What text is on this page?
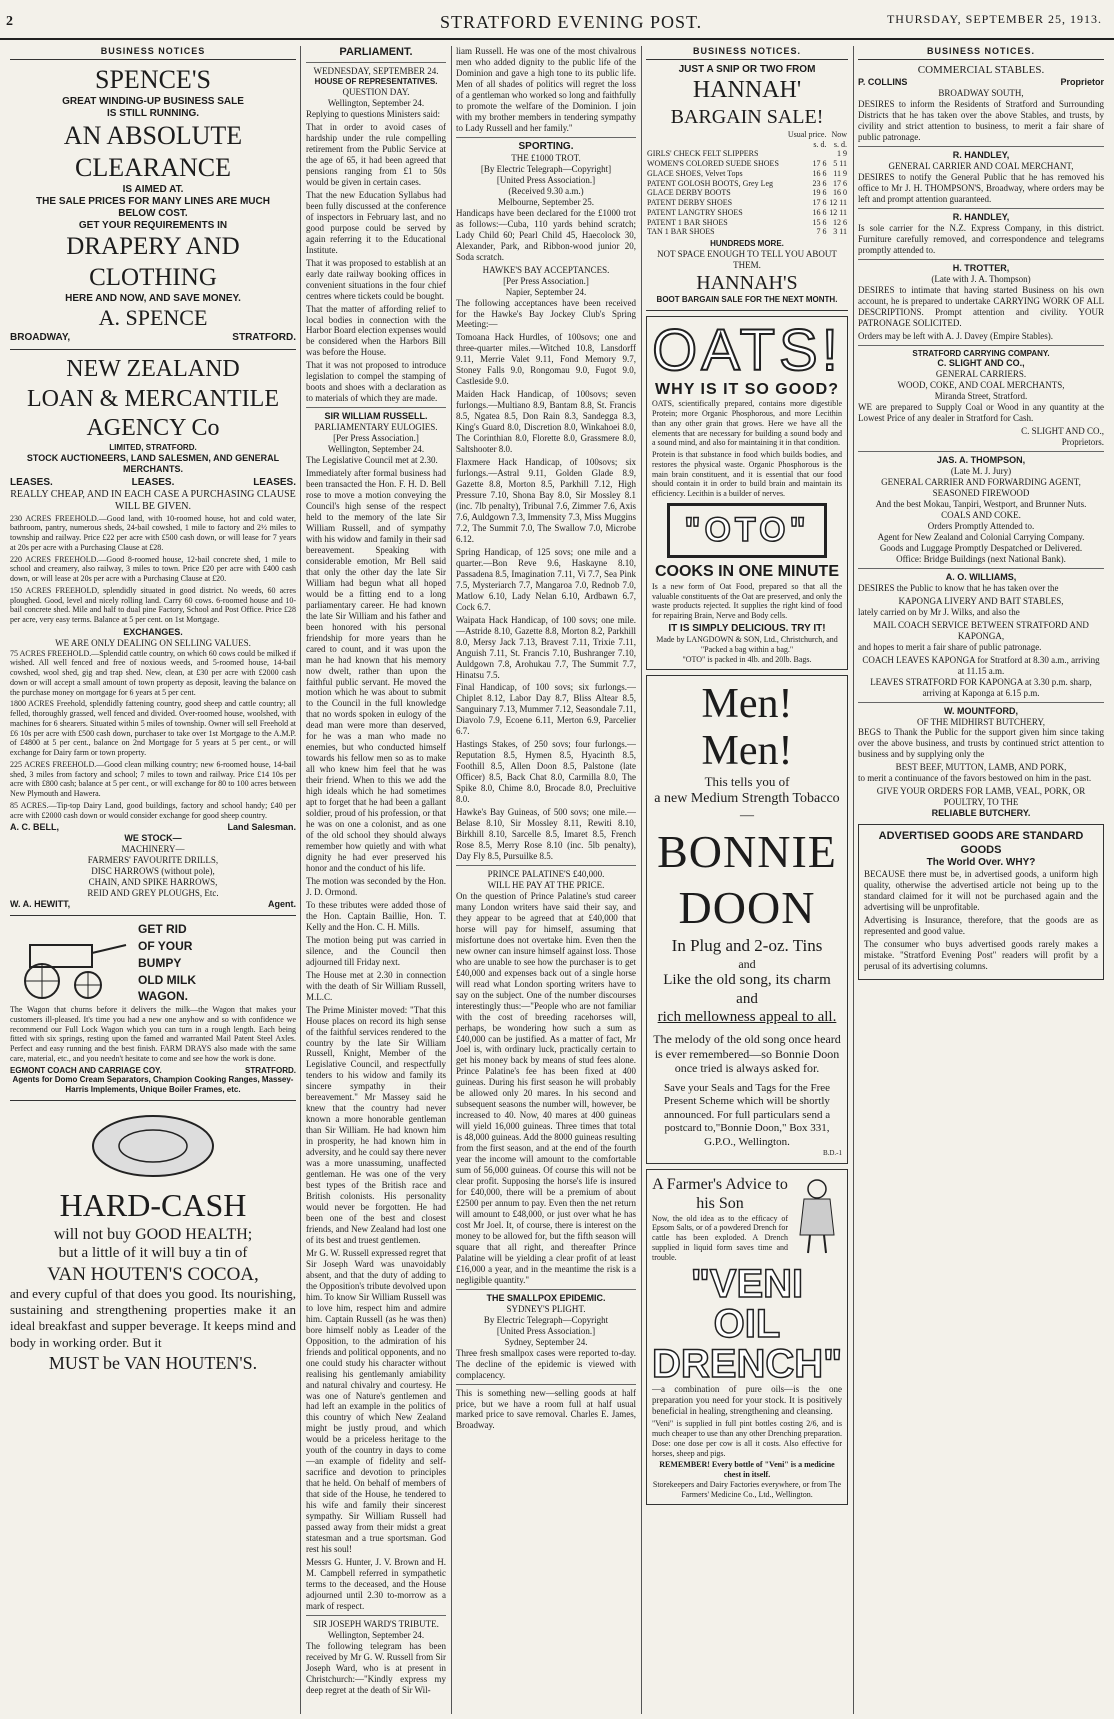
2	STRATFORD EVENING POST.	THURSDAY, SEPTEMBER 25, 1913.
BUSINESS NOTICES
SPENCE'S
GREAT WINDING-UP BUSINESS SALE
IS STILL RUNNING.
AN ABSOLUTE CLEARANCE
IS AIMED AT.
THE SALE PRICES FOR MANY LINES ARE MUCH
BELOW COST.
GET YOUR REQUIREMENTS IN
DRAPERY AND CLOTHING
HERE AND NOW, AND SAVE MONEY.
A. SPENCE
BROADWAY,	STRATFORD.
NEW ZEALAND
LOAN & MERCANTILE
AGENCY Co
LIMITED, STRATFORD.
STOCK AUCTIONEERS, LAND SALESMEN, AND GENERAL MERCHANTS.
LEASES.	LEASES.	LEASES.
REALLY CHEAP, AND IN EACH CASE A PURCHASING CLAUSE WILL BE GIVEN.
230 ACRES FREEHOLD.—Good land, with 10-roomed house, hot and cold water, bathroom, pantry, numerous sheds, 24-bail cowshed, 1 mile to factory and 2½ miles to township and railway. Price £22 per acre with £500 cash down, or will lease for 7 years at 20s per acre with a Purchasing Clause at £28.
220 ACRES FREEHOLD.—Good 8-roomed house, 12-bail concrete shed, 1 mile to school and creamery, also railway, 3 miles to town. Price £20 per acre with £400 cash down, or will lease at 20s per acre with a Purchasing Clause at £20.
150 ACRES FREEHOLD, splendidly situated in good district. No weeds, 60 acres ploughed. Good, level and nicely rolling land. Carry 60 cows. 6-roomed house and 10-bail concrete shed. Mile and half to dual pine Factory, School and Post Office. Price £28 per acre, very easy terms. Balance at 5 per cent. on 1st Mortgage.
EXCHANGES.
WE ARE ONLY DEALING ON SELLING VALUES.
75 ACRES FREEHOLD.—Splendid cattle country, on which 60 cows could be milked if wished. All well fenced and free of noxious weeds, and 5-roomed house, 14-bail cowshed, wool shed, gig and trap shed. New, clean, at £30 per acre with £2000 cash down or will accept a small amount of town property as deposit, leaving the balance on the purchase money on mortgage for 6 years at 5 per cent.
1800 ACRES Freehold, splendidly fattening country, good sheep and cattle country; all felled, thoroughly grassed, well fenced and divided. Over-roomed house, woolshed, with machines for 6 shearers. Situated within 5 miles of township. Owner will sell Freehold at £6 10s per acre with £500 cash down, purchaser to take over 1st Mortgage to the A.M.P. of £4800 at 5 per cent., balance on 2nd Mortgage for 5 years at 5 per cent., or will exchange for Dairy farm or town property.
225 ACRES FREEHOLD.—Good clean milking country; new 6-roomed house, 14-bail shed, 3 miles from factory and school; 7 miles to town and railway. Price £14 10s per acre with £800 cash; balance at 5 per cent., or will exchange for 80 to 100 acres between New Plymouth and Hawera.
85 ACRES.—Tip-top Dairy Land, good buildings, factory and school handy; £40 per acre with £2000 cash down or would consider exchange for good sheep country.
A. C. BELL,	Land Salesman.
WE STOCK—
MACHINERY—
FARMERS' FAVOURITE DRILLS,
DISC HARROWS (without pole),
CHAIN, AND SPIKE HARROWS,
REID AND GREY PLOUGHS, Etc.
W. A. HEWITT,	Agent.
GET RID
OF YOUR
BUMPY
OLD MILK
WAGON.
The Wagon that churns before it delivers the milk—the Wagon that makes your customers ill-pleased. It's time you had a new one anyhow and so with confidence we recommend our Full Lock Wagon which you can turn in a rough length. Each being fitted with six springs, resting upon the famed and warranted Mail Patent Steel Axles. Perfect and easy running and the best finish. FARM DRAYS also made with the same care, material, etc., and you needn't hesitate to come and see how the work is done.
EGMONT COACH AND CARRIAGE COY.	STRATFORD.
Agents for Domo Cream Separators, Champion Cooking Ranges, Massey-Harris Implements, Unique Boiler Frames, etc.
HARD-CASH
will not buy GOOD HEALTH;
but a little of it will buy a tin of
VAN HOUTEN'S COCOA,
and every cupful of that does you good. Its nourishing, sustaining and strengthening properties make it an ideal breakfast and supper beverage. It keeps mind and body in working order. But it
MUST be VAN HOUTEN'S.
PARLIAMENT.
WEDNESDAY, SEPTEMBER 24.
HOUSE OF REPRESENTATIVES.
QUESTION DAY.
Wellington, September 24.
Replying to questions Ministers said:
That in order to avoid cases of hardship under the rule compelling retirement from the Public Service at the age of 65, it had been agreed that pensions ranging from £1 to 50s would be given in certain cases.
That the new Education Syllabus had been fully discussed at the conference of inspectors in February last, and no good purpose could be served by again referring it to the Educational Institute.
That it was proposed to establish at an early date railway booking offices in convenient situations in the four chief centres where tickets could be bought.
That the matter of affording relief to local bodies in connection with the Harbor Board election expenses would be considered when the Harbors Bill was before the House.
That it was not proposed to introduce legislation to compel the stamping of boots and shoes with a declaration as to materials of which they are made.
SIR WILLIAM RUSSELL.
PARLIAMENTARY EULOGIES.
[Per Press Association.]
Wellington, September 24.
The Legislative Council met at 2.30.
Immediately after formal business had been transacted the Hon. F. H. D. Bell rose to move a motion conveying the Council's high sense of the respect held to the memory of the late Sir William Russell, and of sympathy with his widow and family in their sad bereavement. Speaking with considerable emotion, Mr Bell said that only the other day the late Sir William had begun what all hoped would be a fitting end to a long parliamentary career. He had known the late Sir William and his father and been honored with his personal friendship for more years than he cared to count, and it was upon the man he had known that his memory now dwelt, rather than upon the faithful public servant. He moved the motion which he was about to submit to the Council in the full knowledge that no words spoken in eulogy of the dead man were more than deserved, for he was a man who made no enemies, but who conducted himself towards his fellow men so as to make all who knew him feel that he was their friend. When to this we add the high ideals which he had sometimes apt to forget that he had been a gallant soldier, proud of his profession, or that he was on one a colonist, and as one of the old school they should always remember how quietly and with what dignity he had ever preserved his honor and the conduct of his life.
The motion was seconded by the Hon. J. D. Ormond.
To these tributes were added those of the Hon. Captain Baillie, Hon. T. Kelly and the Hon. C. H. Mills.
The motion being put was carried in silence, and the Council then adjourned till Friday next.
The House met at 2.30 in connection with the death of Sir William Russell, M.L.C.
The Prime Minister moved: "That this House places on record its high sense of the faithful services rendered to the country by the late Sir William Russell, Knight, Member of the Legislative Council, and respectfully tenders to his widow and family its sincere sympathy in their bereavement." Mr Massey said he knew that the country had never known a more honorable gentleman than Sir William. He had known him in prosperity, he had known him in adversity, and he could say there never was a more unassuming, unaffected gentleman. He was one of the very best types of the British race and British colonists. His personality would never be forgotten. He had been one of the best and closest friends, and New Zealand had lost one of its best and truest gentlemen.
Mr G. W. Russell expressed regret that Sir Joseph Ward was unavoidably absent, and that the duty of adding to the Opposition's tribute devolved upon him. To know Sir William Russell was to love him, respect him and admire him. Captain Russell (as he was then) bore himself nobly as Leader of the Opposition, to the admiration of his friends and political opponents, and no one could study his character without realising his gentlemanly amiability and natural chivalry and courtesy. He was one of Nature's gentlemen and had left an example in the politics of this country of which New Zealand might be justly proud, and which would be a priceless heritage to the youth of the country in days to come—an example of fidelity and self-sacrifice and devotion to principles that he held. On behalf of members of that side of the House, he tendered to his wife and family their sincerest sympathy. Sir William Russell had passed away from their midst a great statesman and a true sportsman. God rest his soul!
Messrs G. Hunter, J. V. Brown and H. M. Campbell referred in sympathetic terms to the deceased, and the House adjourned until 2.30 to-morrow as a mark of respect.
SIR JOSEPH WARD'S TRIBUTE.
Wellington, September 24.
The following telegram has been received by Mr G. W. Russell from Sir Joseph Ward, who is at present in Christchurch:—"Kindly express my deep regret at the death of Sir Wil-
liam Russell. He was one of the most chivalrous men who added dignity to the public life of the Dominion and gave a high tone to its public life. Men of all shades of politics will regret the loss of a gentleman who worked so long and faithfully to promote the welfare of the Dominion. I join with my brother members in tendering sympathy to Lady Russell and her family."
SPORTING.
THE £1000 TROT.
[By Electric Telegraph—Copyright]
[United Press Association.]
(Received 9.30 a.m.)
Melbourne, September 25.
Handicaps have been declared for the £1000 trot as follows:—Cuba, 110 yards behind scratch; Lady Child 60; Pearl Child 45, Haecolock 30, Alexander, Park, and Ribbon-wood junior 20, Soda scratch.
HAWKE'S BAY ACCEPTANCES.
[Per Press Association.]
Napier, September 24.
The following acceptances have been received for the Hawke's Bay Jockey Club's Spring Meeting:—
Tomoana Hack Hurdles, of 100sovs; one and three-quarter miles.—Witched 10.8, Lansdorff 9.11, Merrie Valet 9.11, Fond Memory 9.7, Stoney Falls 9.0, Rongomau 9.0, Fugot 9.0, Castleside 9.0.
Maiden Hack Handicap, of 100sovs; seven furlongs.—Multiano 8.9, Bantam 8.8, St. Francis 8.5, Ngatea 8.5, Don Rain 8.3, Sandegga 8.3, King's Guard 8.0, Discretion 8.0, Winkahoei 8.0, The Corinthian 8.0, Florette 8.0, Grassmere 8.0, Saltshooter 8.0.
Flaxmere Hack Handicap, of 100sovs; six furlongs.—Astral 9.11, Golden Glade 8.9, Gazette 8.8, Morton 8.5, Parkhill 7.12, High Pressure 7.10, Shona Bay 8.0, Sir Mossley 8.1 (inc. 7lb penalty), Tribunal 7.6, Zimmer 7.6, Axis 7.6, Auldgown 7.3, Immensity 7.3, Miss Muggins 7.2, The Summit 7.0, The Swallow 7.0, Microbe 6.12.
Spring Handicap, of 125 sovs; one mile and a quarter.—Bon Reve 9.6, Haskayne 8.10, Passadena 8.5, Imagination 7.11, Vi 7.7, Sea Pink 7.5, Mysteriarch 7.7, Mangaroa 7.0, Rednob 7.0, Matlow 6.10, Lady Nelan 6.10, Ardbawn 6.7, Cock 6.7.
Waipata Hack Handicap, of 100 sovs; one mile.—Astride 8.10, Gazette 8.8, Morton 8.2, Parkhill 8.0, Mersy Jack 7.13, Bravest 7.11, Trixie 7.11, Anguish 7.11, St. Francis 7.10, Bushranger 7.10, Auldgown 7.8, Arohukau 7.7, The Summit 7.7, Hinatsu 7.5.
Final Handicap, of 100 sovs; six furlongs.—Chiplet 8.12, Labor Day 8.7, Bliss Altear 8.5, Sanguinary 7.13, Mummer 7.12, Seasondale 7.11, Diavolo 7.9, Ecoene 6.11, Merton 6.9, Parcelier 6.7.
Hastings Stakes, of 250 sovs; four furlongs.—Reputation 8.5, Hymen 8.5, Hyacinth 8.5, Foothill 8.5, Allen Doon 8.5, Palstone (late Officer) 8.5, Back Chat 8.0, Carmilla 8.0, The Spike 8.0, Chime 8.0, Brocade 8.0, Precluitive 8.0.
Hawke's Bay Guineas, of 500 sovs; one mile.—Belase 8.10, Sir Mossley 8.11, Rewiti 8.10, Birkhill 8.10, Sarcelle 8.5, Imaret 8.5, French Rose 8.5, Merry Rose 8.10 (inc. 5lb penalty), Day Fly 8.5, Pursuilke 8.5.
PRINCE PALATINE'S £40,000.
WILL HE PAY AT THE PRICE.
On the question of Prince Palatine's stud career many London writers have said their say, and they appear to be agreed that at £40,000 that horse will pay for himself, assuming that misfortune does not overtake him. Even then the new owner can insure himself against loss. Those who are unable to see how the purchaser is to get £40,000 and expenses back out of a single horse will read what London sporting writers have to say on the subject. One of the number discourses interestingly thus:—"People who are not familiar with the cost of breeding racehorses will, perhaps, be wondering how such a sum as £40,000 can be justified. As a matter of fact, Mr Joel is, with ordinary luck, practically certain to get his money back by means of stud fees alone. Prince Palatine's fee has been fixed at 400 guineas. During his first season he will probably be allowed only 20 mares. In his second and subsequent seasons the number will, however, be increased to 40. Now, 40 mares at 400 guineas will yield 16,000 guineas. Three times that total is 48,000 guineas. Add the 8000 guineas resulting from the first season, and at the end of the fourth year the income will amount to the comfortable sum of 56,000 guineas. Of course this will not be clear profit. Supposing the horse's life is insured for £40,000, there will be a premium of about £2500 per annum to pay. Even then the net return will amount to £48,000, or just over what he has cost Mr Joel. It, of course, there is interest on the money to be allowed for, but the fifth season will square that all right, and thereafter Prince Palatine will be yielding a clear profit of at least £16,000 a year, and in the meantime the risk is a negligible quantity."
THE SMALLPOX EPIDEMIC.
SYDNEY'S PLIGHT.
By Electric Telegraph—Copyright
[United Press Association.]
Sydney, September 24.
Three fresh smallpox cases were reported to-day. The decline of the epidemic is viewed with complacency.
This is something new—selling goods at half price, but we have a room full at half usual marked price to save removal. Charles E. James, Broadway.
BUSINESS NOTICES.
JUST A SNIP OR TWO FROM
HANNAH'
BARGAIN SALE!
	Usual price.	Now
	s. d.	s. d.
GIRLS' CHECK FELT SLIPPERS		1 9
WOMEN'S COLORED SUEDE SHOES	17 6	5 11
GLACE SHOES, Velvet Tops	16 6	11 9
PATENT GOLOSH BOOTS, Grey Leg	23 6	17 6
GLACE DERBY BOOTS	19 6	16 0
PATENT DERBY SHOES	17 6	12 11
PATENT LANGTRY SHOES	16 6	12 11
PATENT 1 BAR SHOES	15 6	12 6
TAN 1 BAR SHOES	7 6	3 11
HUNDREDS MORE.
NOT SPACE ENOUGH TO TELL YOU ABOUT THEM.
HANNAH'S
BOOT BARGAIN SALE FOR THE NEXT MONTH.
OATS!
WHY IS IT SO GOOD?
OATS, scientifically prepared, contains more digestible Protein; more Organic Phosphorous, and more Lecithin than any other grain that grows. Here we have all the elements that are necessary for building a sound body and a sound mind, and also for maintaining it in that condition.
Protein is that substance in food which builds bodies, and restores the physical waste. Organic Phosphorous is the main brain constituent, and it is essential that our food should contain it in order to build brain and maintain its efficiency. Lecithin is a builder of nerves.
"OTO"
COOKS IN ONE MINUTE
Is a new form of Oat Food, prepared so that all the valuable constituents of the Oat are preserved, and only the waste products rejected. It supplies the right kind of food for repairing Brain, Nerve and Body cells.
IT IS SIMPLY DELICIOUS. TRY IT!
Made by LANGDOWN & SON, Ltd., Christchurch, and "Packed a bag within a bag."
"OTO" is packed in 4lb. and 20lb. Bags.
Men! Men!
This tells you of
a new Medium Strength Tobacco—
BONNIE DOON
In Plug and 2-oz. Tins
and
Like the old song, its charm and
rich mellowness appeal to all.
The melody of the old song once heard is ever remembered—so Bonnie Doon once tried is always asked for.
Save your Seals and Tags for the Free Present Scheme which will be shortly announced. For full particulars send a postcard to,"Bonnie Doon," Box 331, G.P.O., Wellington.
B.D.-1
A Farmer's Advice to his Son
Now, the old idea as to the efficacy of Epsom Salts, or of a powdered Drench for cattle has been exploded. A Drench supplied in liquid form saves time and trouble.
"VENI OIL DRENCH"
—a combination of pure oils—is the one preparation you need for your stock. It is positively beneficial in healing, strengthening and cleansing.
"Veni" is supplied in full pint bottles costing 2/6, and is much cheaper to use than any other Drenching preparation. Dose: one dose per cow is all it costs. Also effective for horses, sheep and pigs.
REMEMBER! Every bottle of "Veni" is a medicine chest in itself.
Storekeepers and Dairy Factories everywhere, or from The Farmers' Medicine Co., Ltd., Wellington.
BUSINESS NOTICES.
COMMERCIAL STABLES.
P. COLLINS	Proprietor
BROADWAY SOUTH,
DESIRES to inform the Residents of Stratford and Surrounding Districts that he has taken over the above Stables, and trusts, by civility and strict attention to business, to merit a fair share of public patronage.
R. HANDLEY,
GENERAL CARRIER AND COAL MERCHANT,
DESIRES to notify the General Public that he has removed his office to Mr J. H. THOMPSON'S, Broadway, where orders may be left and prompt attention guaranteed.
R. HANDLEY,
Is sole carrier for the N.Z. Express Company, in this district. Furniture carefully removed, and correspondence and telegrams promptly attended to.
H. TROTTER,
(Late with J. A. Thompson)
DESIRES to intimate that having started Business on his own account, he is prepared to undertake CARRYING WORK OF ALL DESCRIPTIONS. Prompt attention and civility. YOUR PATRONAGE SOLICITED.
Orders may be left with A. J. Davey (Empire Stables).
STRATFORD CARRYING COMPANY.
C. SLIGHT AND CO.,
GENERAL CARRIERS.
WOOD, COKE, AND COAL MERCHANTS,
Miranda Street, Stratford.
WE are prepared to Supply Coal or Wood in any quantity at the Lowest Price of any dealer in Stratford for Cash.
C. SLIGHT AND CO.,
Proprietors.
JAS. A. THOMPSON,
(Late M. J. Jury)
GENERAL CARRIER AND FORWARDING AGENT,
SEASONED FIREWOOD
And the best Mokau, Tanpiri, Westport, and Brunner Nuts.
COALS AND COKE.
Orders Promptly Attended to.
Agent for New Zealand and Colonial Carrying Company.
Goods and Luggage Promptly Despatched or Delivered.
Office: Bridge Buildings (next National Bank).
A. O. WILLIAMS,
DESIRES the Public to know that he has taken over the
KAPONGA LIVERY AND BAIT STABLES,
lately carried on by Mr J. Wilks, and also the
MAIL COACH SERVICE BETWEEN STRATFORD AND KAPONGA,
and hopes to merit a fair share of public patronage.
COACH LEAVES KAPONGA for Stratford at 8.30 a.m., arriving at 11.15 a.m.
LEAVES STRATFORD FOR KAPONGA at 3.30 p.m. sharp, arriving at Kaponga at 6.15 p.m.
W. MOUNTFORD,
OF THE MIDHIRST BUTCHERY,
BEGS to Thank the Public for the support given him since taking over the above business, and trusts by continued strict attention to business and by supplying only the
BEST BEEF, MUTTON, LAMB, AND PORK,
to merit a continuance of the favors bestowed on him in the past.
GIVE YOUR ORDERS FOR LAMB, VEAL, PORK, OR POULTRY, TO THE
RELIABLE BUTCHERY.
ADVERTISED GOODS ARE STANDARD GOODS
The World Over. WHY?
BECAUSE there must be, in advertised goods, a uniform high quality, otherwise the advertised article not being up to the standard claimed for it will not be purchased again and the advertising will be unprofitable.
Advertising is Insurance, therefore, that the goods are as represented and good value.
The consumer who buys advertised goods rarely makes a mistake. "Stratford Evening Post" readers will profit by a perusal of its advertising columns.
